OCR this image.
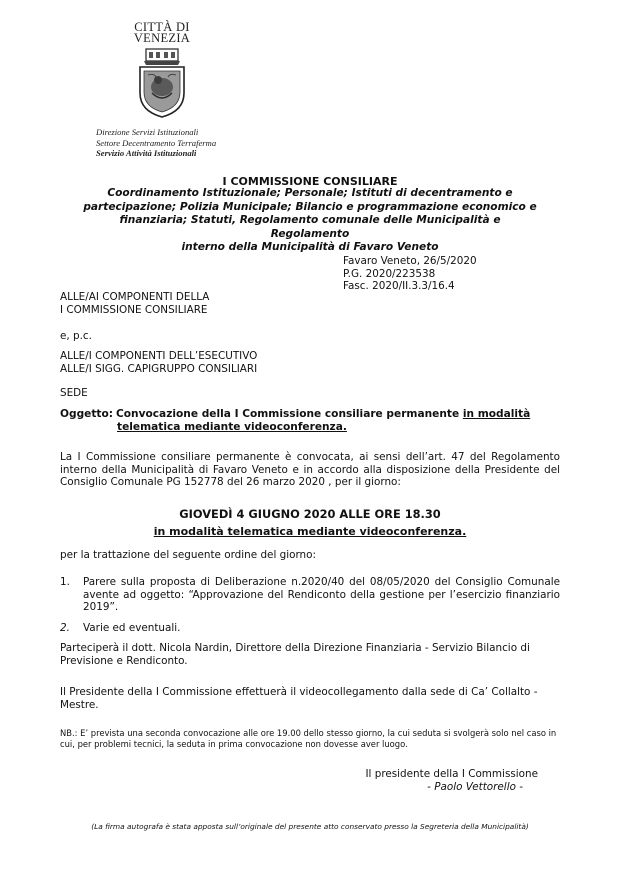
CITTÀ DI
VENEZIA
Direzione Servizi Istituzionali
Settore Decentramento Terraferma
Servizio Attività Istituzionali
I COMMISSIONE CONSILIARE
Coordinamento Istituzionale; Personale; Istituti di decentramento e
partecipazione; Polizia Municipale; Bilancio e programmazione economico e
finanziaria; Statuti, Regolamento comunale delle Municipalità e Regolamento
interno della Municipalità di Favaro Veneto
Favaro Veneto, 26/5/2020
P.G. 2020/223538
Fasc. 2020/II.3.3/16.4
ALLE/AI COMPONENTI DELLA
I COMMISSIONE CONSILIARE
e, p.c.
ALLE/I COMPONENTI DELL’ESECUTIVO
ALLE/I SIGG. CAPIGRUPPO CONSILIARI
SEDE
Oggetto: Convocazione della I Commissione consiliare permanente in modalità
telematica mediante videoconferenza.
La I Commissione consiliare permanente è convocata, ai sensi dell’art. 47 del Regolamento interno della Municipalità di Favaro Veneto e in accordo alla disposizione della Presidente del Consiglio Comunale PG 152778 del 26 marzo 2020 , per il giorno:
GIOVEDÌ 4 GIUGNO 2020 ALLE ORE 18.30
in modalità telematica mediante videoconferenza.
per la trattazione del seguente ordine del giorno:
1.	Parere sulla proposta di Deliberazione n.2020/40 del 08/05/2020 del Consiglio Comunale avente ad oggetto: “Approvazione del Rendiconto della gestione per l’esercizio finanziario 2019”.
2.	Varie ed eventuali.
Parteciperà il dott. Nicola Nardin, Direttore della Direzione Finanziaria - Servizio Bilancio di Previsione e Rendiconto.
Il Presidente della I Commissione effettuerà il videocollegamento dalla sede di Ca’ Collalto - Mestre.
NB.: E’ prevista una seconda convocazione alle ore 19.00 dello stesso giorno, la cui seduta si svolgerà solo nel caso in cui, per problemi tecnici, la seduta in prima convocazione non dovesse aver luogo.
Il presidente della I Commissione
- Paolo Vettorello -
(La firma autografa è stata apposta sull’originale del presente atto conservato presso la Segreteria della Municipalità)
